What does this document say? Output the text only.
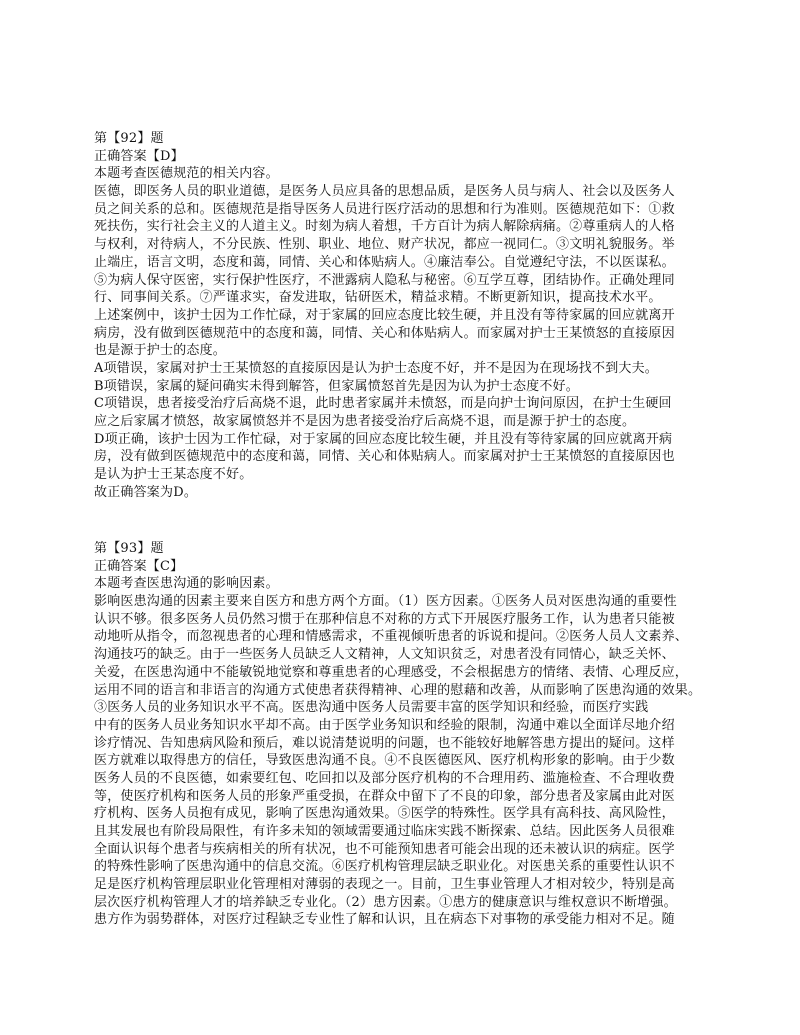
第【92】题
正确答案【D】
本题考查医德规范的相关内容。
医德，即医务人员的职业道德，是医务人员应具备的思想品质，是医务人员与病人、社会以及医务人
员之间关系的总和。医德规范是指导医务人员进行医疗活动的思想和行为准则。医德规范如下：①救
死扶伤，实行社会主义的人道主义。时刻为病人着想，千方百计为病人解除病痛。②尊重病人的人格
与权利，对待病人，不分民族、性别、职业、地位、财产状况，都应一视同仁。③文明礼貌服务。举
止端庄，语言文明，态度和蔼，同情、关心和体贴病人。④廉洁奉公。自觉遵纪守法，不以医谋私。
⑤为病人保守医密，实行保护性医疗，不泄露病人隐私与秘密。⑥互学互尊，团结协作。正确处理同
行、同事间关系。⑦严谨求实，奋发进取，钻研医术，精益求精。不断更新知识，提高技术水平。
上述案例中，该护士因为工作忙碌，对于家属的回应态度比较生硬，并且没有等待家属的回应就离开
病房，没有做到医德规范中的态度和蔼，同情、关心和体贴病人。而家属对护士王某愤怒的直接原因
也是源于护士的态度。
A项错误，家属对护士王某愤怒的直接原因是认为护士态度不好，并不是因为在现场找不到大夫。
B项错误，家属的疑问确实未得到解答，但家属愤怒首先是因为认为护士态度不好。
C项错误，患者接受治疗后高烧不退，此时患者家属并未愤怒，而是向护士询问原因，在护士生硬回
应之后家属才愤怒，故家属愤怒并不是因为患者接受治疗后高烧不退，而是源于护士的态度。
D项正确，该护士因为工作忙碌，对于家属的回应态度比较生硬，并且没有等待家属的回应就离开病
房，没有做到医德规范中的态度和蔼，同情、关心和体贴病人。而家属对护士王某愤怒的直接原因也
是认为护士王某态度不好。
故正确答案为D。
第【93】题
正确答案【C】
本题考查医患沟通的影响因素。
影响医患沟通的因素主要来自医方和患方两个方面。（1）医方因素。①医务人员对医患沟通的重要性
认识不够。很多医务人员仍然习惯于在那种信息不对称的方式下开展医疗服务工作，认为患者只能被
动地听从指令，而忽视患者的心理和情感需求，不重视倾听患者的诉说和提问。②医务人员人文素养、
沟通技巧的缺乏。由于一些医务人员缺乏人文精神，人文知识贫乏，对患者没有同情心，缺乏关怀、
关爱，在医患沟通中不能敏锐地觉察和尊重患者的心理感受，不会根据患方的情绪、表情、心理反应，
运用不同的语言和非语言的沟通方式使患者获得精神、心理的慰藉和改善，从而影响了医患沟通的效果。
③医务人员的业务知识水平不高。医患沟通中医务人员需要丰富的医学知识和经验，而医疗实践
中有的医务人员业务知识水平却不高。由于医学业务知识和经验的限制，沟通中难以全面详尽地介绍
诊疗情况、告知患病风险和预后，难以说清楚说明的问题，也不能较好地解答患方提出的疑问。这样
医方就难以取得患方的信任，导致医患沟通不良。④不良医德医风、医疗机构形象的影响。由于少数
医务人员的不良医德，如索要红包、吃回扣以及部分医疗机构的不合理用药、滥施检查、不合理收费
等，使医疗机构和医务人员的形象严重受损，在群众中留下了不良的印象，部分患者及家属由此对医
疗机构、医务人员抱有成见，影响了医患沟通效果。⑤医学的特殊性。医学具有高科技、高风险性，
且其发展也有阶段局限性，有许多未知的领域需要通过临床实践不断探索、总结。因此医务人员很难
全面认识每个患者与疾病相关的所有状况，也不可能预知患者可能会出现的还未被认识的病症。医学
的特殊性影响了医患沟通中的信息交流。⑥医疗机构管理层缺乏职业化。对医患关系的重要性认识不
足是医疗机构管理层职业化管理相对薄弱的表现之一。目前，卫生事业管理人才相对较少，特别是高
层次医疗机构管理人才的培养缺乏专业化。（2）患方因素。①患方的健康意识与维权意识不断增强。
患方作为弱势群体，对医疗过程缺乏专业性了解和认识，且在病态下对事物的承受能力相对不足。随
